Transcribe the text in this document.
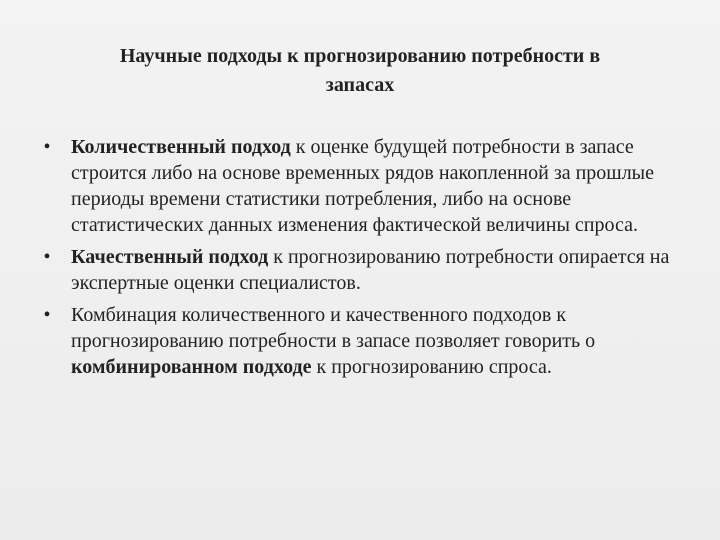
Научные подходы к прогнозированию потребности в
запасах
• Количественный подход к оценке будущей потребности в запасе строится либо на основе временных рядов накопленной за прошлые периоды времени статистики потребления, либо на основе статистических данных изменения фактической величины спроса.
• Качественный подход к прогнозированию потребности опирается на экспертные оценки специалистов.
• Комбинация количественного и качественного подходов к прогнозированию потребности в запасе позволяет говорить о комбинированном подходе к прогнозированию спроса.
